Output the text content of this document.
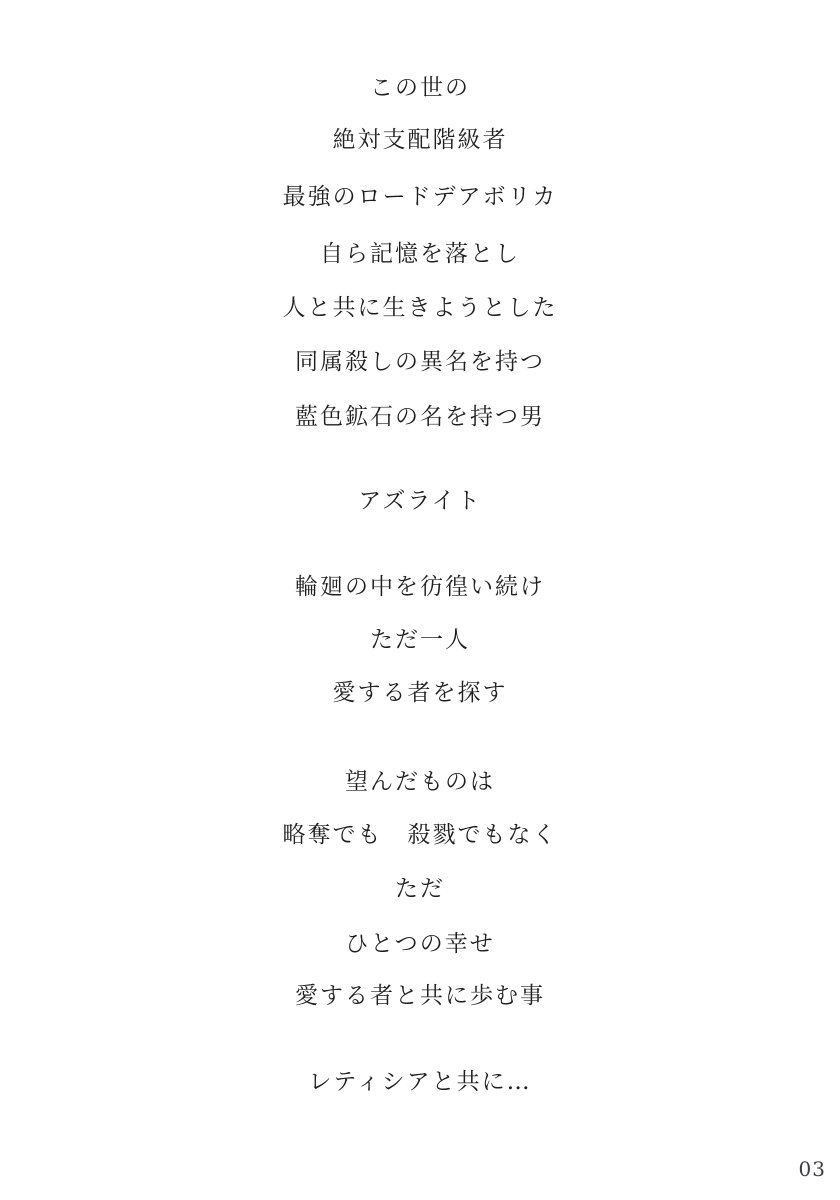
この世の
絶対支配階級者
最強のロードデアボリカ
自ら記憶を落とし
人と共に生きようとした
同属殺しの異名を持つ
藍色鉱石の名を持つ男
アズライト
輪廻の中を彷徨い続け
ただ一人
愛する者を探す
望んだものは
略奪でも　殺戮でもなく
ただ
ひとつの幸せ
愛する者と共に歩む事
レティシアと共に…
03
